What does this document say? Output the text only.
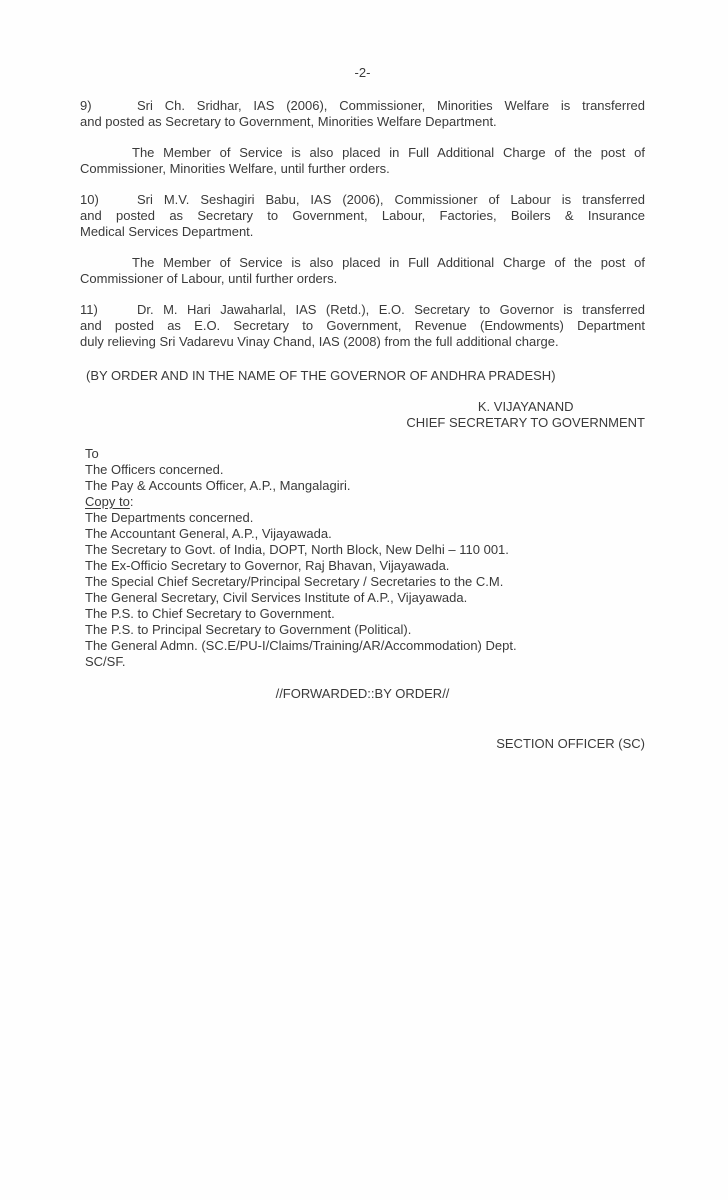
-2-
9)	Sri Ch. Sridhar, IAS (2006), Commissioner, Minorities Welfare is transferred
and posted as Secretary to Government, Minorities Welfare Department.
The Member of Service is also placed in Full Additional Charge of the post of
Commissioner, Minorities Welfare, until further orders.
10)	Sri M.V. Seshagiri Babu, IAS (2006), Commissioner of Labour is transferred
and posted as Secretary to Government, Labour, Factories, Boilers & Insurance
Medical Services Department.
The Member of Service is also placed in Full Additional Charge of the post of
Commissioner of Labour, until further orders.
11)	Dr. M. Hari Jawaharlal, IAS (Retd.), E.O. Secretary to Governor is transferred
and posted as E.O. Secretary to Government, Revenue (Endowments) Department
duly relieving Sri Vadarevu Vinay Chand, IAS (2008) from the full additional charge.
(BY ORDER AND IN THE NAME OF THE GOVERNOR OF ANDHRA PRADESH)
K. VIJAYANAND
CHIEF SECRETARY TO GOVERNMENT
To
The Officers concerned.
The Pay & Accounts Officer, A.P., Mangalagiri.
Copy to:
The Departments concerned.
The Accountant General, A.P., Vijayawada.
The Secretary to Govt. of India, DOPT, North Block, New Delhi – 110 001.
The Ex-Officio Secretary to Governor, Raj Bhavan, Vijayawada.
The Special Chief Secretary/Principal Secretary / Secretaries to the C.M.
The General Secretary, Civil Services Institute of A.P., Vijayawada.
The P.S. to Chief Secretary to Government.
The P.S. to Principal Secretary to Government (Political).
The General Admn. (SC.E/PU-I/Claims/Training/AR/Accommodation) Dept.
SC/SF.
//FORWARDED::BY ORDER//
SECTION OFFICER (SC)
